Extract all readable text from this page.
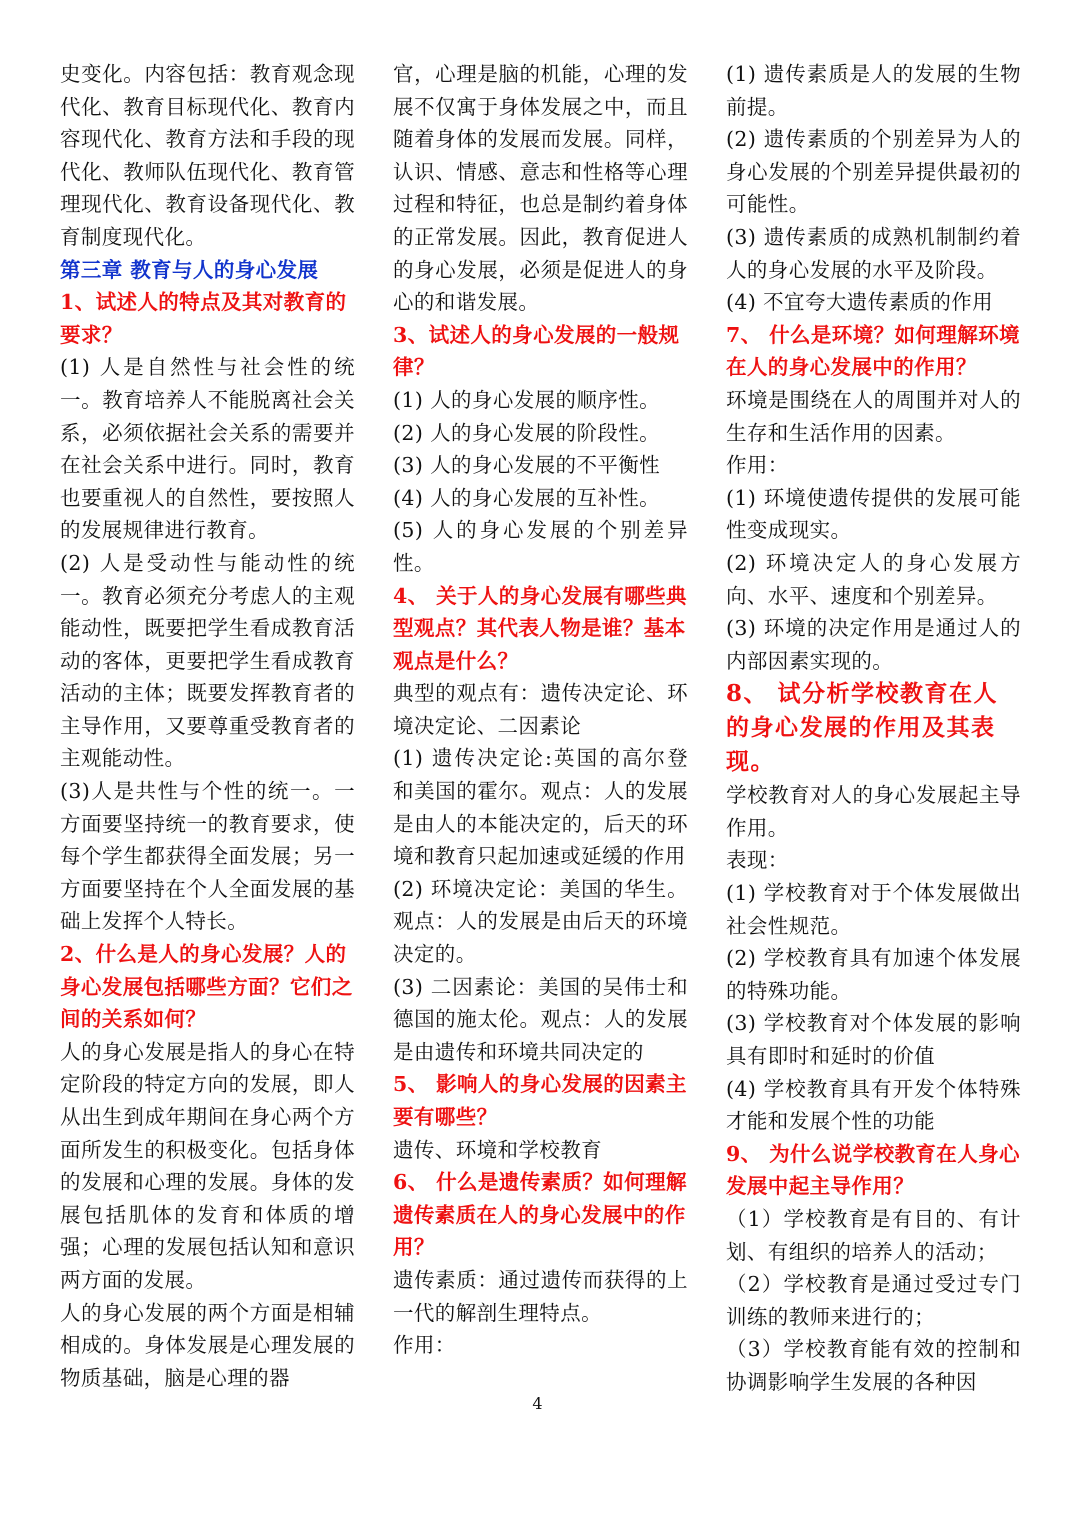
史变化。内容包括：教育观念现代化、教育目标现代化、教育内容现代化、教育方法和手段的现代化、教师队伍现代化、教育管理现代化、教育设备现代化、教育制度现代化。

第三章 教育与人的身心发展

1、试述人的特点及其对教育的要求？

(1) 人是自然性与社会性的统一。教育培养人不能脱离社会关系，必须依据社会关系的需要并在社会关系中进行。同时，教育也要重视人的自然性，要按照人的发展规律进行教育。

(2) 人是受动性与能动性的统一。教育必须充分考虑人的主观能动性，既要把学生看成教育活动的客体，更要把学生看成教育活动的主体；既要发挥教育者的主导作用，又要尊重受教育者的主观能动性。

(3)人是共性与个性的统一。一方面要坚持统一的教育要求，使每个学生都获得全面发展；另一方面要坚持在个人全面发展的基础上发挥个人特长。

2、什么是人的身心发展？人的身心发展包括哪些方面？它们之间的关系如何？

人的身心发展是指人的身心在特定阶段的特定方向的发展，即人从出生到成年期间在身心两个方面所发生的积极变化。包括身体的发展和心理的发展。身体的发展包括肌体的发育和体质的增强；心理的发展包括认知和意识两方面的发展。

人的身心发展的两个方面是相辅相成的。身体发展是心理发展的物质基础，脑是心理的器

官，心理是脑的机能，心理的发展不仅寓于身体发展之中，而且随着身体的发展而发展。同样，认识、情感、意志和性格等心理过程和特征，也总是制约着身体的正常发展。因此，教育促进人的身心发展，必须是促进人的身心的和谐发展。

3、试述人的身心发展的一般规律？

(1) 人的身心发展的顺序性。

(2) 人的身心发展的阶段性。

(3) 人的身心发展的不平衡性

(4) 人的身心发展的互补性。

(5) 人的身心发展的个别差异性。

4、 关于人的身心发展有哪些典型观点？其代表人物是谁？基本观点是什么？

典型的观点有：遗传决定论、环境决定论、二因素论

(1) 遗传决定论:英国的高尔登和美国的霍尔。观点：人的发展是由人的本能决定的，后天的环境和教育只起加速或延缓的作用

(2) 环境决定论：美国的华生。观点：人的发展是由后天的环境决定的。

(3) 二因素论：美国的吴伟士和德国的施太伦。观点：人的发展是由遗传和环境共同决定的

5、 影响人的身心发展的因素主要有哪些？

遗传、环境和学校教育

6、 什么是遗传素质？如何理解遗传素质在人的身心发展中的作用？

遗传素质：通过遗传而获得的上一代的解剖生理特点。

作用：

(1) 遗传素质是人的发展的生物前提。

(2) 遗传素质的个别差异为人的身心发展的个别差异提供最初的可能性。

(3) 遗传素质的成熟机制制约着人的身心发展的水平及阶段。

(4) 不宜夸大遗传素质的作用

7、 什么是环境？如何理解环境在人的身心发展中的作用？

环境是围绕在人的周围并对人的生存和生活作用的因素。

作用：

(1) 环境使遗传提供的发展可能性变成现实。

(2) 环境决定人的身心发展方向、水平、速度和个别差异。

(3) 环境的决定作用是通过人的内部因素实现的。

8、 试分析学校教育在人的身心发展的作用及其表现。

学校教育对人的身心发展起主导作用。

表现：

(1) 学校教育对于个体发展做出社会性规范。

(2) 学校教育具有加速个体发展的特殊功能。

(3) 学校教育对个体发展的影响具有即时和延时的价值

(4) 学校教育具有开发个体特殊才能和发展个性的功能

9、 为什么说学校教育在人身心发展中起主导作用？

（1）学校教育是有目的、有计划、有组织的培养人的活动；

（2）学校教育是通过受过专门训练的教师来进行的；

（3）学校教育能有效的控制和协调影响学生发展的各种因

4
